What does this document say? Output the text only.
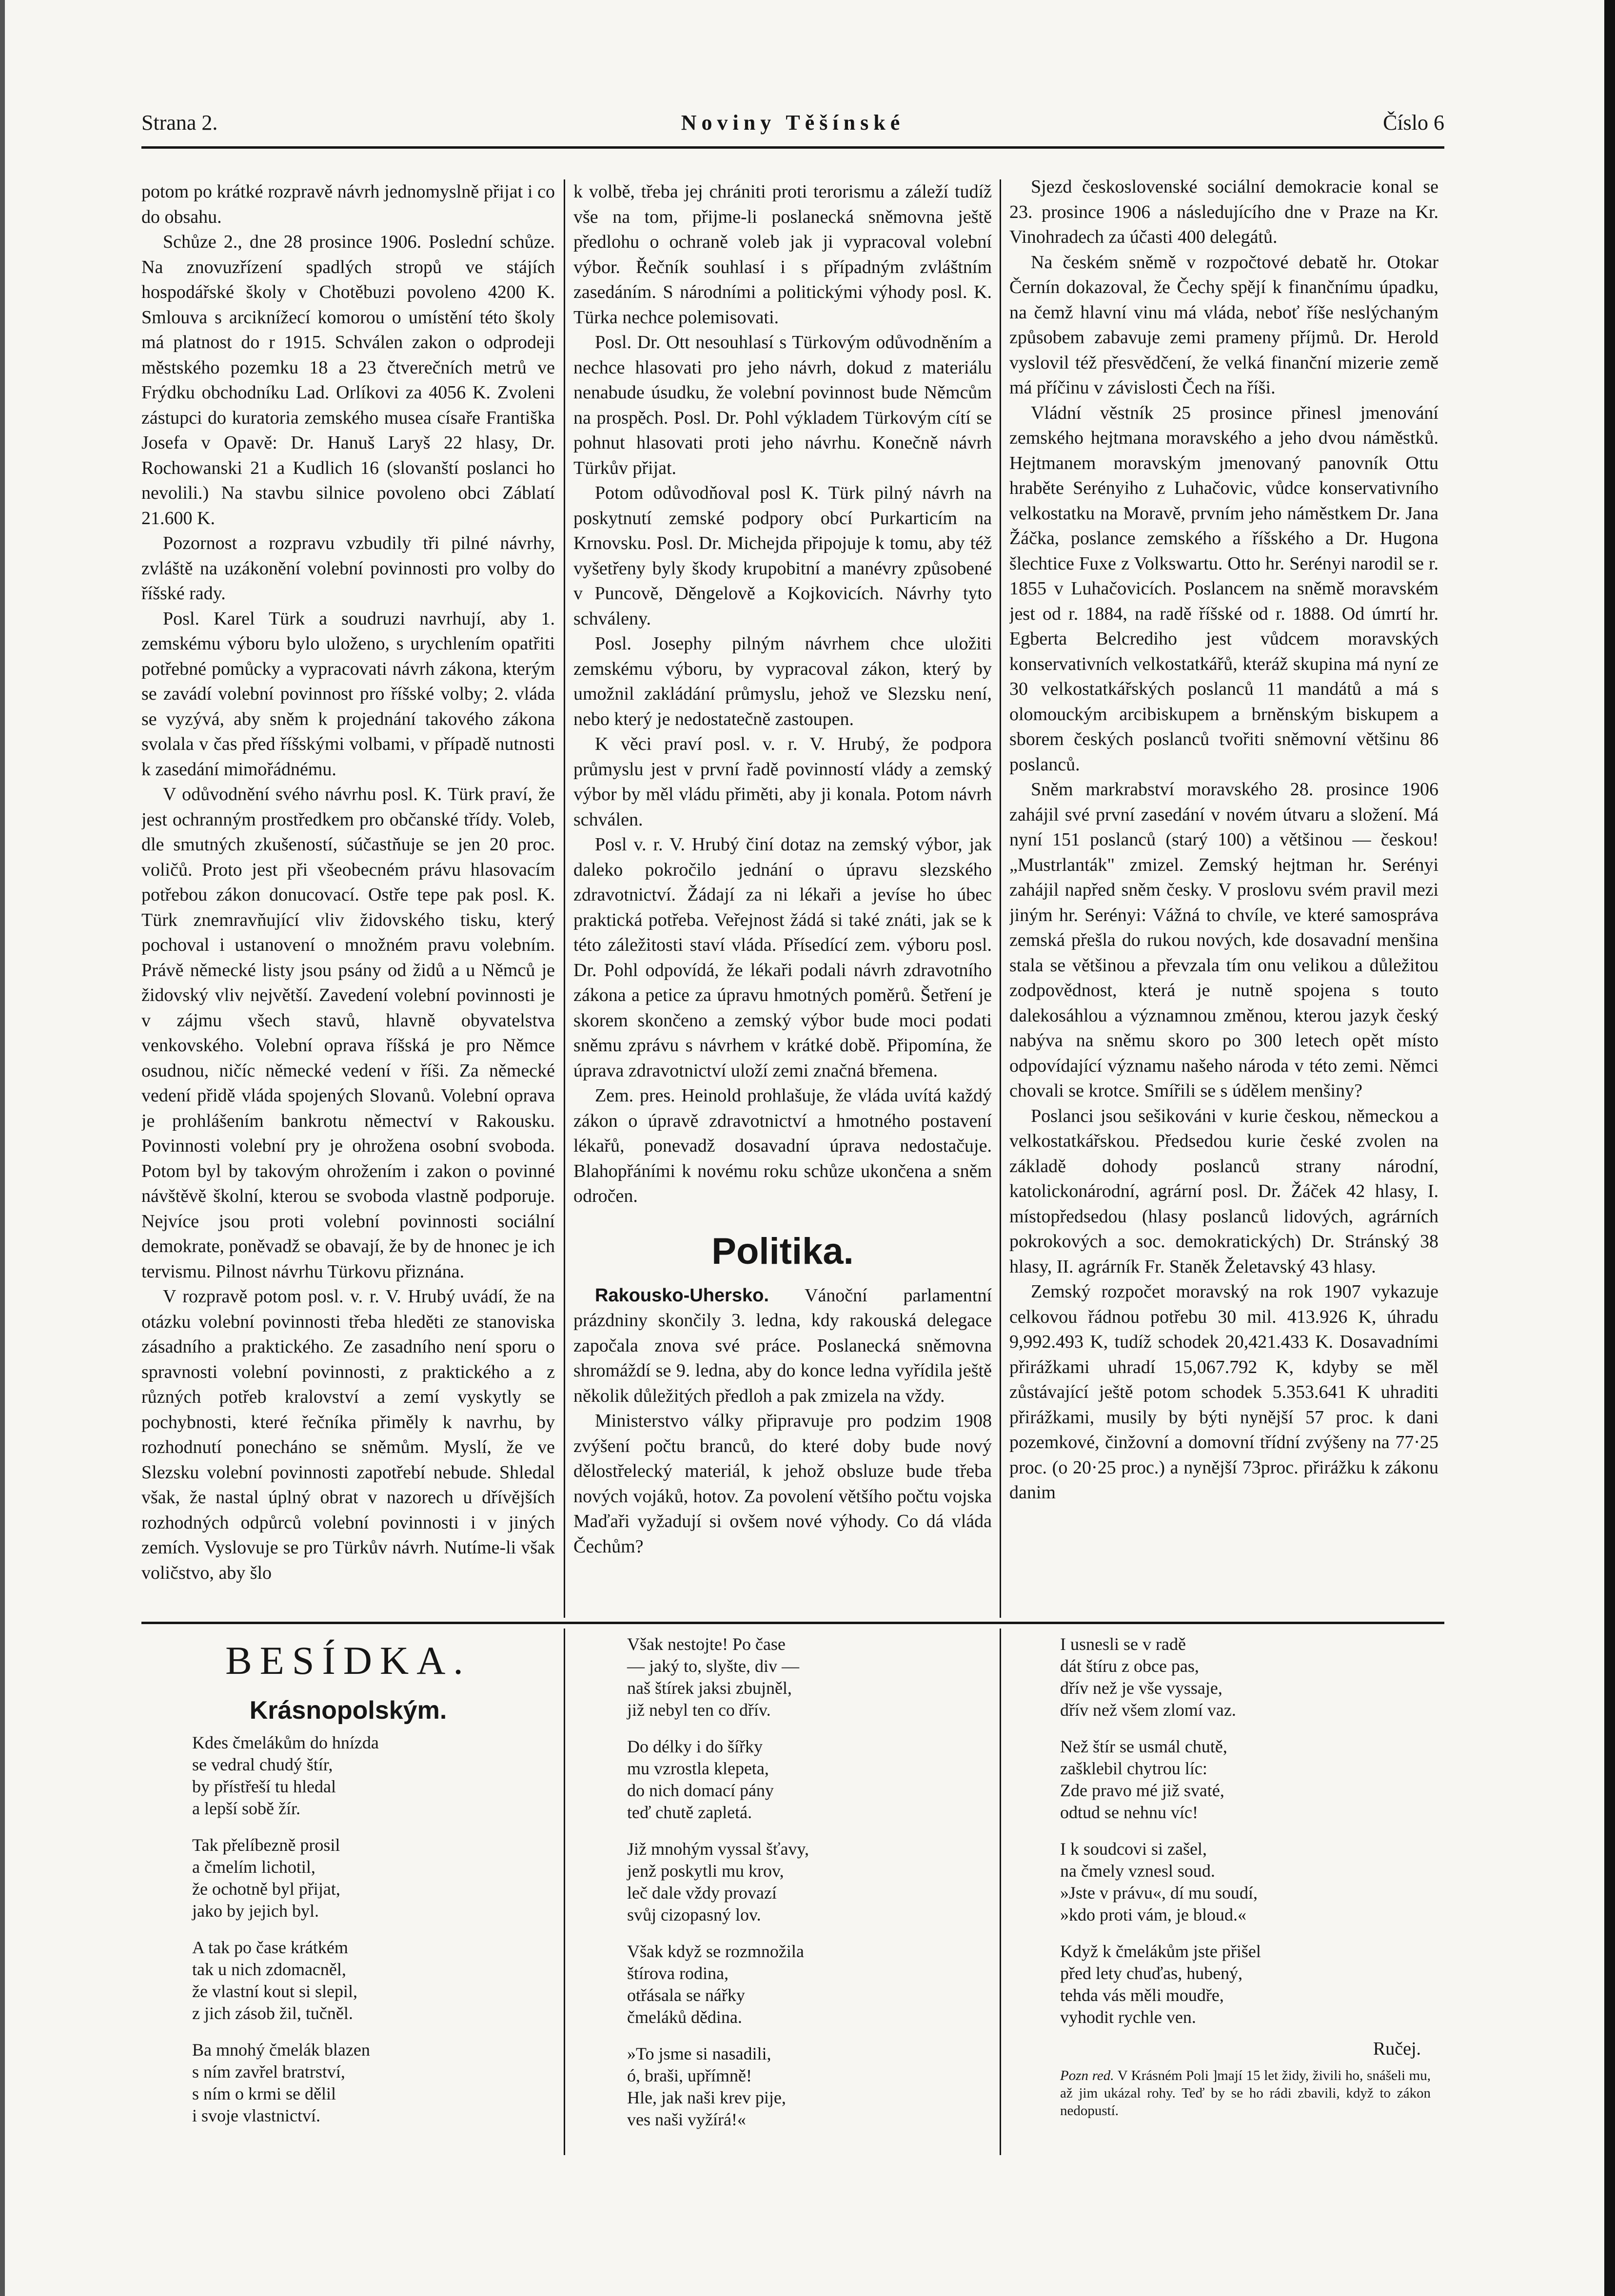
Strana 2.	Noviny Těšínské	Číslo 6

potom po krátké rozpravě návrh jednomyslně přijat i co do obsahu.

Schůze 2., dne 28 prosince 1906. Poslední schůze. Na znovuzřízení spadlých stropů ve stájích hospodářské školy v Chotěbuzi povoleno 4200 K. Smlouva s arciknížecí komorou o umístění této školy má platnost do r 1915. Schválen zakon o odprodeji městského pozemku 18 a 23 čtverečních metrů ve Frýdku obchodníku Lad. Orlíkovi za 4056 K. Zvoleni zástupci do kuratoria zemského musea císaře Františka Josefa v Opavě: Dr. Hanuš Laryš 22 hlasy, Dr. Rochowanski 21 a Kudlich 16 (slovanští poslanci ho nevolili.) Na stavbu silnice povoleno obci Záblatí 21.600 K.

Pozornost a rozpravu vzbudily tři pilné návrhy, zvláště na uzákonění volební povinnosti pro volby do říšské rady.

Posl. Karel Türk a soudruzi navrhují, aby 1. zemskému výboru bylo uloženo, s urychlením opatřiti potřebné pomůcky a vypracovati návrh zákona, kterým se zavádí volební povinnost pro říšské volby; 2. vláda se vyzývá, aby sněm k projednání takového zákona svolala v čas před říšskými volbami, v případě nutnosti k zasedání mimořádnému.

V odůvodnění svého návrhu posl. K. Türk praví, že jest ochranným prostředkem pro občanské třídy. Voleb, dle smutných zkušeností, súčastňuje se jen 20 proc. voličů. Proto jest při všeobecném právu hlasovacím potřebou zákon donucovací. Ostře tepe pak posl. K. Türk znemravňující vliv židovského tisku, který pochoval i ustanovení o množném pravu volebním. Právě německé listy jsou psány od židů a u Němců je židovský vliv největší. Zavedení volební povinnosti je v zájmu všech stavů, hlavně obyvatelstva venkovského. Volební oprava říšská je pro Němce osudnou, ničíc německé vedení v říši. Za německé vedení přidě vláda spojených Slovanů. Volební oprava je prohlášením bankrotu němectví v Rakousku. Povinnosti volební pry je ohrožena osobní svoboda. Potom byl by takovým ohrožením i zakon o povinné návštěvě školní, kterou se svoboda vlastně podporuje. Nejvíce jsou proti volební povinnosti sociální demokrate, poněvadž se obavají, že by de hnonec je ich tervismu. Pilnost návrhu Türkovu přiznána.

V rozpravě potom posl. v. r. V. Hrubý uvádí, že na otázku volební povinnosti třeba hleděti ze stanoviska zásadního a praktického. Ze zasadního není sporu o spravnosti volební povinnosti, z praktického a z různých potřeb kralovství a zemí vyskytly se pochybnosti, které řečníka přiměly k navrhu, by rozhodnutí ponecháno se sněmům. Myslí, že ve Slezsku volební povinnosti zapotřebí nebude. Shledal však, že nastal úplný obrat v nazorech u dřívějších rozhodných odpůrců volební povinnosti i v jiných zemích. Vyslovuje se pro Türkův návrh. Nutíme-li však voličstvo, aby šlo

k volbě, třeba jej chrániti proti terorismu a záleží tudíž vše na tom, přijme-li poslanecká sněmovna ještě předlohu o ochraně voleb jak ji vypracoval volební výbor. Řečník souhlasí i s případným zvláštním zasedáním. S národními a politickými výhody posl. K. Türka nechce polemisovati.

Posl. Dr. Ott nesouhlasí s Türkovým odůvodněním a nechce hlasovati pro jeho návrh, dokud z materiálu nenabude úsudku, že volební povinnost bude Němcům na prospěch. Posl. Dr. Pohl výkladem Türkovým cítí se pohnut hlasovati proti jeho návrhu. Konečně návrh Türkův přijat.

Potom odůvodňoval posl K. Türk pilný návrh na poskytnutí zemské podpory obcí Purkarticím na Krnovsku. Posl. Dr. Michejda připojuje k tomu, aby též vyšetřeny byly škody krupobitní a manévry způsobené v Puncově, Děngelově a Kojkovicích. Návrhy tyto schváleny.

Posl. Josephy pilným návrhem chce uložiti zemskému výboru, by vypracoval zákon, který by umožnil zakládání průmyslu, jehož ve Slezsku není, nebo který je nedostatečně zastoupen.

K věci praví posl. v. r. V. Hrubý, že podpora průmyslu jest v první řadě povinností vlády a zemský výbor by měl vládu přiměti, aby ji konala. Potom návrh schválen.

Posl v. r. V. Hrubý činí dotaz na zemský výbor, jak daleko pokročilo jednání o úpravu slezského zdravotnictví. Žádají za ni lékaři a jevíse ho úbec praktická potřeba. Veřejnost žádá si také znáti, jak se k této záležitosti staví vláda. Přísedící zem. výboru posl. Dr. Pohl odpovídá, že lékaři podali návrh zdravotního zákona a petice za úpravu hmotných poměrů. Šetření je skorem skončeno a zemský výbor bude moci podati sněmu zprávu s návrhem v krátké době. Připomína, že úprava zdravotnictví uloží zemi značná břemena.

Zem. pres. Heinold prohlašuje, že vláda uvítá každý zákon o úpravě zdravotnictví a hmotného postavení lékařů, ponevadž dosavadní úprava nedostačuje. Blahopřáními k novému roku schůze ukončena a sněm odročen.

Politika.

Rakousko-Uhersko. Vánoční parlamentní prázdniny skončily 3. ledna, kdy rakouská delegace započala znova své práce. Poslanecká sněmovna shromáždí se 9. ledna, aby do konce ledna vyřídila ještě několik důležitých předloh a pak zmizela na vždy.

Ministerstvo války připravuje pro podzim 1908 zvýšení počtu branců, do které doby bude nový dělostřelecký materiál, k jehož obsluze bude třeba nových vojáků, hotov. Za povolení většího počtu vojska Maďaři vyžadují si ovšem nové výhody. Co dá vláda Čechům?

Sjezd československé sociální demokracie konal se 23. prosince 1906 a následujícího dne v Praze na Kr. Vinohradech za účasti 400 delegátů.

Na českém sněmě v rozpočtové debatě hr. Otokar Černín dokazoval, že Čechy spějí k finančnímu úpadku, na čemž hlavní vinu má vláda, neboť říše neslýchaným způsobem zabavuje zemi prameny příjmů. Dr. Herold vyslovil též přesvědčení, že velká finanční mizerie země má příčinu v závislosti Čech na říši.

Vládní věstník 25 prosince přinesl jmenování zemského hejtmana moravského a jeho dvou náměstků. Hejtmanem moravským jmenovaný panovník Ottu hraběte Serényiho z Luhačovic, vůdce konservativního velkostatku na Moravě, prvním jeho náměstkem Dr. Jana Žáčka, poslance zemského a říšského a Dr. Hugona šlechtice Fuxe z Volkswartu. Otto hr. Serényi narodil se r. 1855 v Luhačovicích. Poslancem na sněmě moravském jest od r. 1884, na radě říšské od r. 1888. Od úmrtí hr. Egberta Belcrediho jest vůdcem moravských konservativních velkostatkářů, kteráž skupina má nyní ze 30 velkostatkářských poslanců 11 mandátů a má s olomouckým arcibiskupem a brněnským biskupem a sborem českých poslanců tvořiti sněmovní většinu 86 poslanců.

Sněm markrabství moravského 28. prosince 1906 zahájil své první zasedání v novém útvaru a složení. Má nyní 151 poslanců (starý 100) a většinou — českou! „Mustrlanták" zmizel. Zemský hejtman hr. Serényi zahájil napřed sněm česky. V proslovu svém pravil mezi jiným hr. Serényi: Vážná to chvíle, ve které samospráva zemská přešla do rukou nových, kde dosavadní menšina stala se většinou a převzala tím onu velikou a důležitou zodpovědnost, která je nutně spojena s touto dalekosáhlou a významnou změnou, kterou jazyk český nabýva na sněmu skoro po 300 letech opět místo odpovídající významu našeho národa v této zemi. Němci chovali se krotce. Smířili se s údělem menšiny?

Poslanci jsou sešikováni v kurie českou, německou a velkostatkářskou. Předsedou kurie české zvolen na základě dohody poslanců strany národní, katolickonárodní, agrární posl. Dr. Žáček 42 hlasy, I. místopředsedou (hlasy poslanců lidových, agrárních pokrokových a soc. demokratických) Dr. Stránský 38 hlasy, II. agrárník Fr. Staněk Želetavský 43 hlasy.

Zemský rozpočet moravský na rok 1907 vykazuje celkovou řádnou potřebu 30 mil. 413.926 K, úhradu 9,992.493 K, tudíž schodek 20,421.433 K. Dosavadními přirážkami uhradí 15,067.792 K, kdyby se měl zůstávající ještě potom schodek 5.353.641 K uhraditi přirážkami, musily by býti nynější 57 proc. k dani pozemkové, činžovní a domovní třídní zvýšeny na 77·25 proc. (o 20·25 proc.) a nynější 73proc. přirážku k zákonu danim

BESÍDKA.
Krásnopolským.
Kdes čmelákům do hnízda
se vedral chudý štír,
by přístřeší tu hledal
a lepší sobě žír.
Tak přelíbezně prosil
a čmelím lichotil,
že ochotně byl přijat,
jako by jejich byl.
A tak po čase krátkém
tak u nich zdomacněl,
že vlastní kout si slepil,
z jich zásob žil, tučněl.
Ba mnohý čmelák blazen
s ním zavřel bratrství,
s ním o krmi se dělil
i svoje vlastnictví.
Však nestojte! Po čase
— jaký to, slyšte, div —
naš štírek jaksi zbujněl,
již nebyl ten co dřív.
Do délky i do šířky
mu vzrostla klepeta,
do nich domací pány
teď chutě zapletá.
Již mnohým vyssal šťavy,
jenž poskytli mu krov,
leč dale vždy provazí
svůj cizopasný lov.
Však když se rozmnožila
štírova rodina,
otřásala se nářky
čmeláků dědina.
»To jsme si nasadili,
ó, braši, upřímně!
Hle, jak naši krev pije,
ves naši vyžírá!«
I usnesli se v radě
dát štíru z obce pas,
dřív než je vše vyssaje,
dřív než všem zlomí vaz.
Než štír se usmál chutě,
zašklebil chytrou líc:
Zde pravo mé již svaté,
odtud se nehnu víc!
I k soudcovi si zašel,
na čmely vznesl soud.
»Jste v právu«, dí mu soudí,
»kdo proti vám, je bloud.«
Když k čmelákům jste přišel
před lety chuďas, hubený,
tehda vás měli moudře,
vyhodit rychle ven.
Ručej.
Pozn red. V Krásném Poli ]mají 15 let židy, živili ho, snášeli mu, až jim ukázal rohy. Teď by se ho rádi zbavili, když to zákon nedopustí.
